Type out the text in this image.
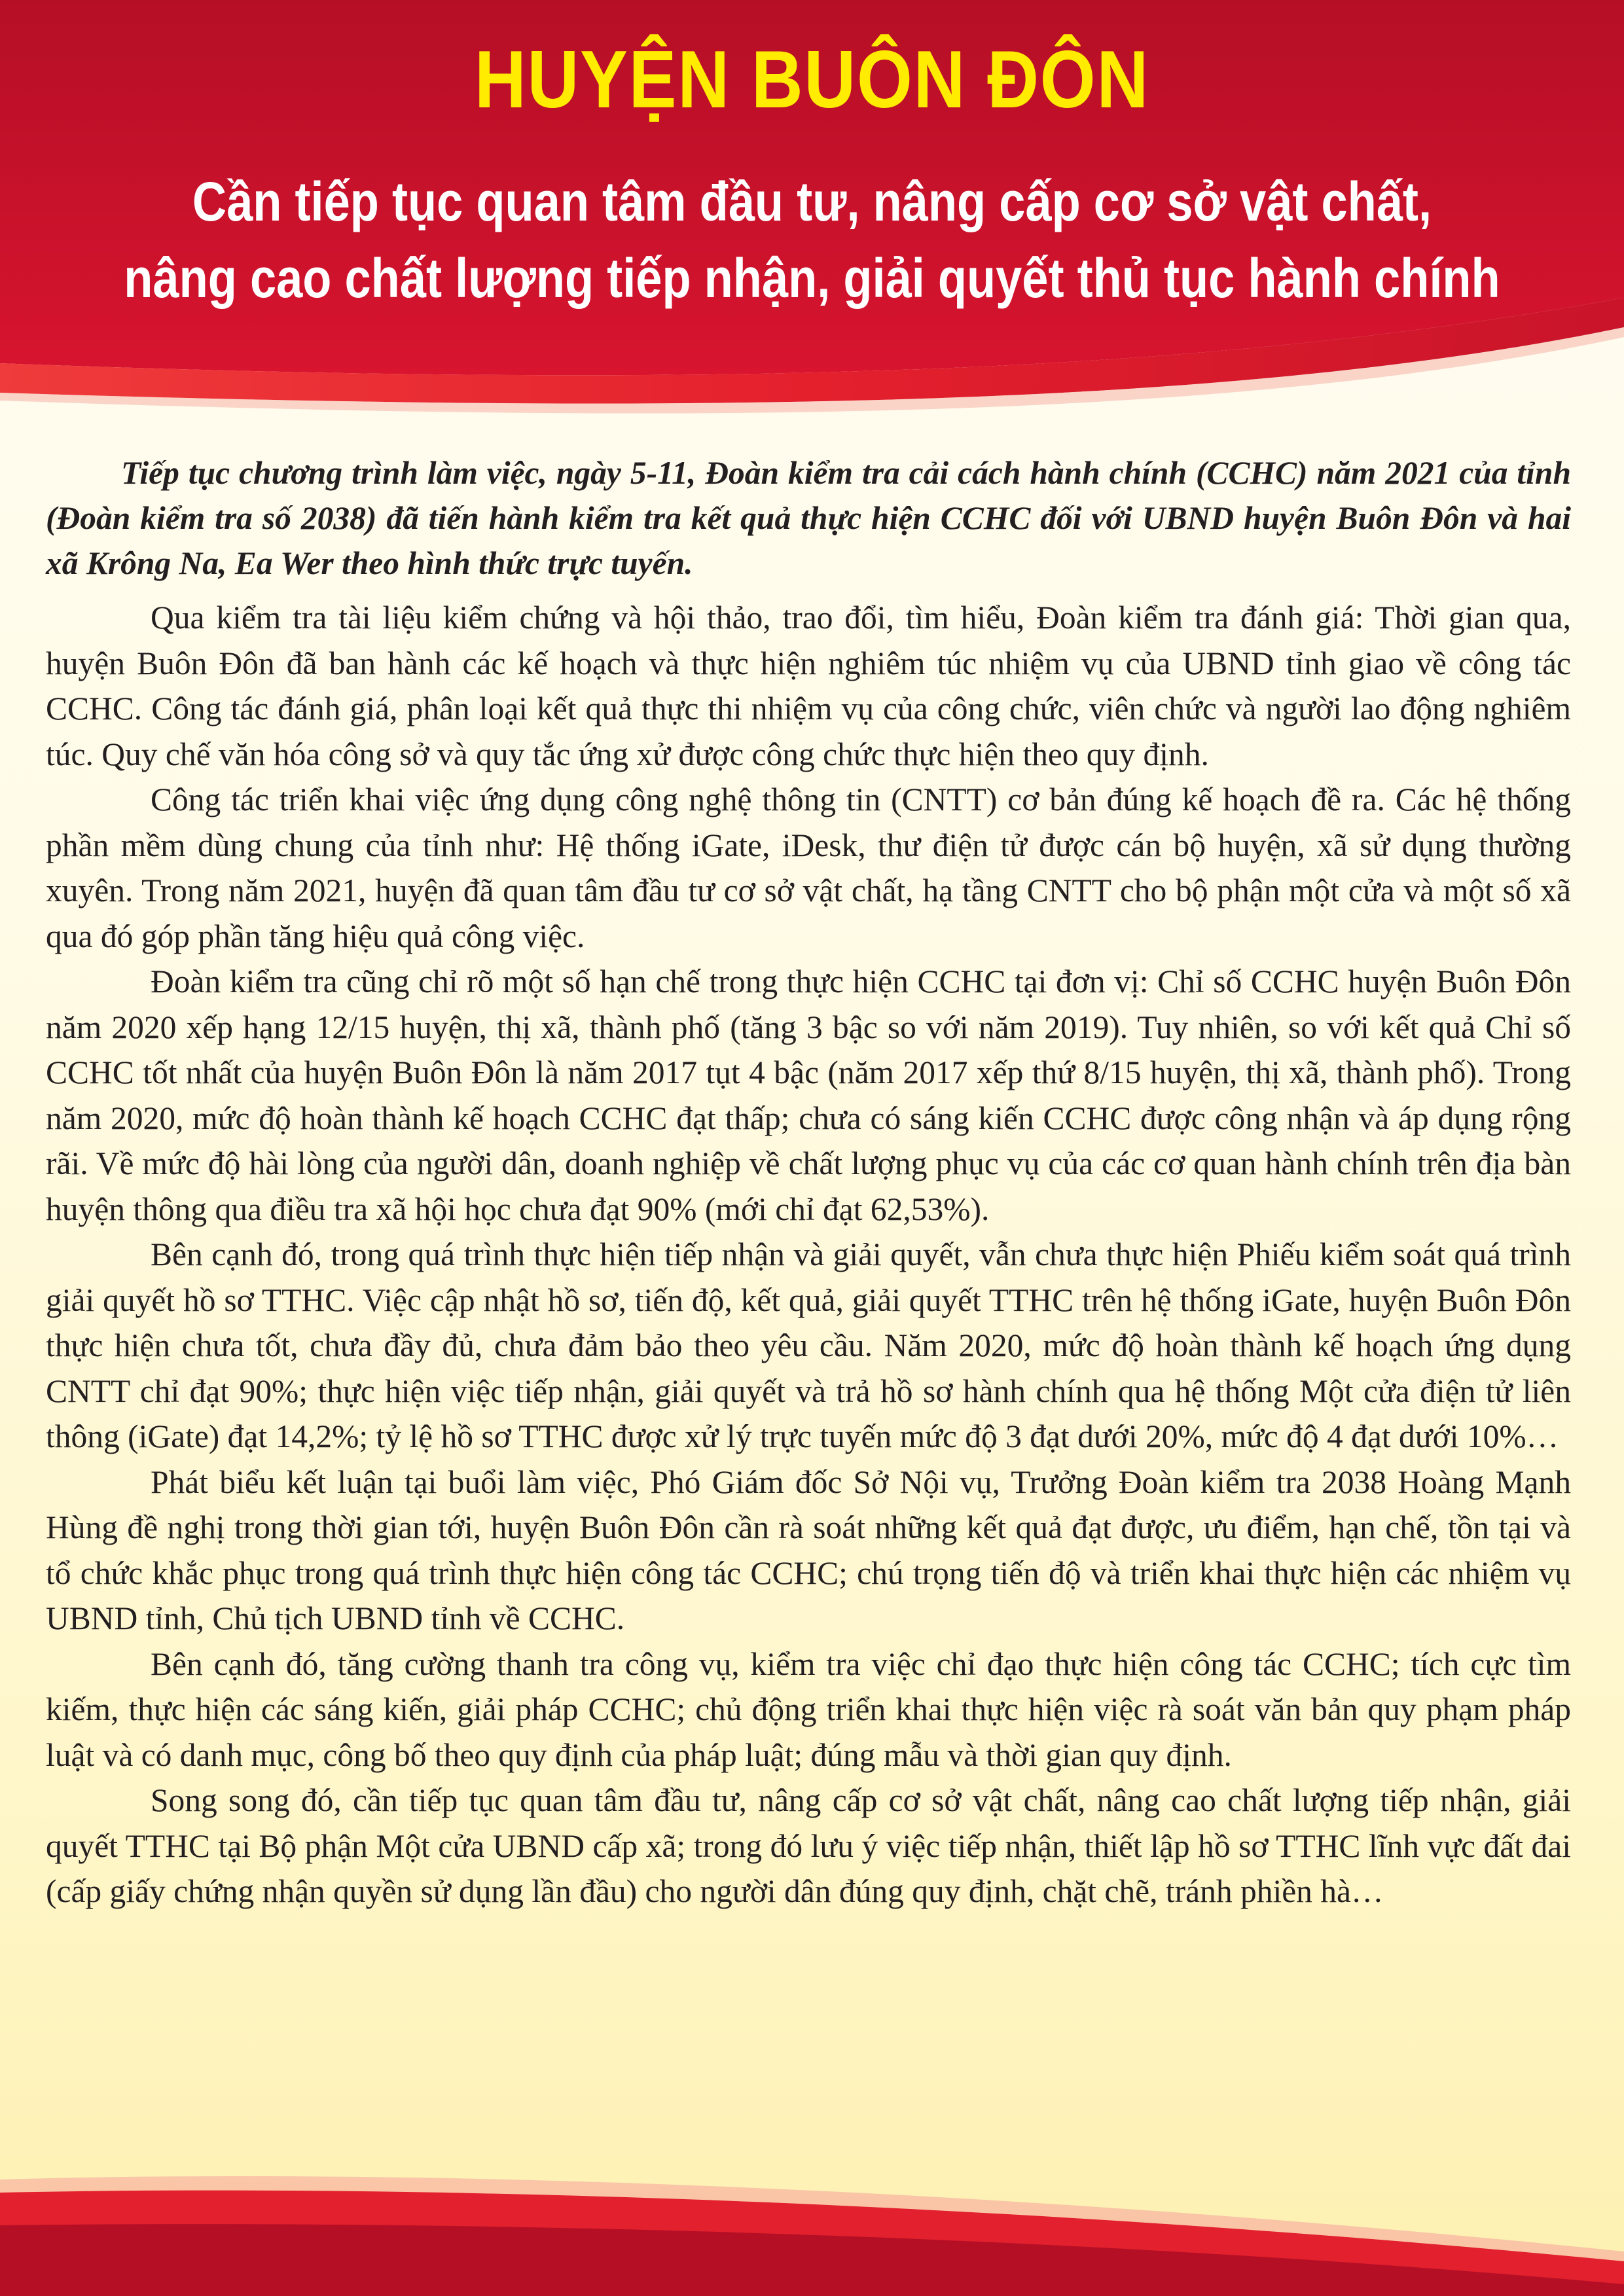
HUYỆN BUÔN ĐÔN
Cần tiếp tục quan tâm đầu tư, nâng cấp cơ sở vật chất,
nâng cao chất lượng tiếp nhận, giải quyết thủ tục hành chính

Tiếp tục chương trình làm việc, ngày 5-11, Đoàn kiểm tra cải cách hành chính (CCHC) năm 2021 của tỉnh (Đoàn kiểm tra số 2038) đã tiến hành kiểm tra kết quả thực hiện CCHC đối với UBND huyện Buôn Đôn và hai xã Krông Na, Ea Wer theo hình thức trực tuyến.

Qua kiểm tra tài liệu kiểm chứng và hội thảo, trao đổi, tìm hiểu, Đoàn kiểm tra đánh giá: Thời gian qua, huyện Buôn Đôn đã ban hành các kế hoạch và thực hiện nghiêm túc nhiệm vụ của UBND tỉnh giao về công tác CCHC. Công tác đánh giá, phân loại kết quả thực thi nhiệm vụ của công chức, viên chức và người lao động nghiêm túc. Quy chế văn hóa công sở và quy tắc ứng xử được công chức thực hiện theo quy định.

Công tác triển khai việc ứng dụng công nghệ thông tin (CNTT) cơ bản đúng kế hoạch đề ra. Các hệ thống phần mềm dùng chung của tỉnh như: Hệ thống iGate, iDesk, thư điện tử được cán bộ huyện, xã sử dụng thường xuyên. Trong năm 2021, huyện đã quan tâm đầu tư cơ sở vật chất, hạ tầng CNTT cho bộ phận một cửa và một số xã qua đó góp phần tăng hiệu quả công việc.

Đoàn kiểm tra cũng chỉ rõ một số hạn chế trong thực hiện CCHC tại đơn vị: Chỉ số CCHC huyện Buôn Đôn năm 2020 xếp hạng 12/15 huyện, thị xã, thành phố (tăng 3 bậc so với năm 2019). Tuy nhiên, so với kết quả Chỉ số CCHC tốt nhất của huyện Buôn Đôn là năm 2017 tụt 4 bậc (năm 2017 xếp thứ 8/15 huyện, thị xã, thành phố). Trong năm 2020, mức độ hoàn thành kế hoạch CCHC đạt thấp; chưa có sáng kiến CCHC được công nhận và áp dụng rộng rãi. Về mức độ hài lòng của người dân, doanh nghiệp về chất lượng phục vụ của các cơ quan hành chính trên địa bàn huyện thông qua điều tra xã hội học chưa đạt 90% (mới chỉ đạt 62,53%).

Bên cạnh đó, trong quá trình thực hiện tiếp nhận và giải quyết, vẫn chưa thực hiện Phiếu kiểm soát quá trình giải quyết hồ sơ TTHC. Việc cập nhật hồ sơ, tiến độ, kết quả, giải quyết TTHC trên hệ thống iGate, huyện Buôn Đôn thực hiện chưa tốt, chưa đầy đủ, chưa đảm bảo theo yêu cầu. Năm 2020, mức độ hoàn thành kế hoạch ứng dụng CNTT chỉ đạt 90%; thực hiện việc tiếp nhận, giải quyết và trả hồ sơ hành chính qua hệ thống Một cửa điện tử liên thông (iGate) đạt 14,2%; tỷ lệ hồ sơ TTHC được xử lý trực tuyến mức độ 3 đạt dưới 20%, mức độ 4 đạt dưới 10%…

Phát biểu kết luận tại buổi làm việc, Phó Giám đốc Sở Nội vụ, Trưởng Đoàn kiểm tra 2038 Hoàng Mạnh Hùng đề nghị trong thời gian tới, huyện Buôn Đôn cần rà soát những kết quả đạt được, ưu điểm, hạn chế, tồn tại và tổ chức khắc phục trong quá trình thực hiện công tác CCHC; chú trọng tiến độ và triển khai thực hiện các nhiệm vụ UBND tỉnh, Chủ tịch UBND tỉnh về CCHC.

Bên cạnh đó, tăng cường thanh tra công vụ, kiểm tra việc chỉ đạo thực hiện công tác CCHC; tích cực tìm kiếm, thực hiện các sáng kiến, giải pháp CCHC; chủ động triển khai thực hiện việc rà soát văn bản quy phạm pháp luật và có danh mục, công bố theo quy định của pháp luật; đúng mẫu và thời gian quy định.

Song song đó, cần tiếp tục quan tâm đầu tư, nâng cấp cơ sở vật chất, nâng cao chất lượng tiếp nhận, giải quyết TTHC tại Bộ phận Một cửa UBND cấp xã; trong đó lưu ý việc tiếp nhận, thiết lập hồ sơ TTHC lĩnh vực đất đai (cấp giấy chứng nhận quyền sử dụng lần đầu) cho người dân đúng quy định, chặt chẽ, tránh phiền hà…
